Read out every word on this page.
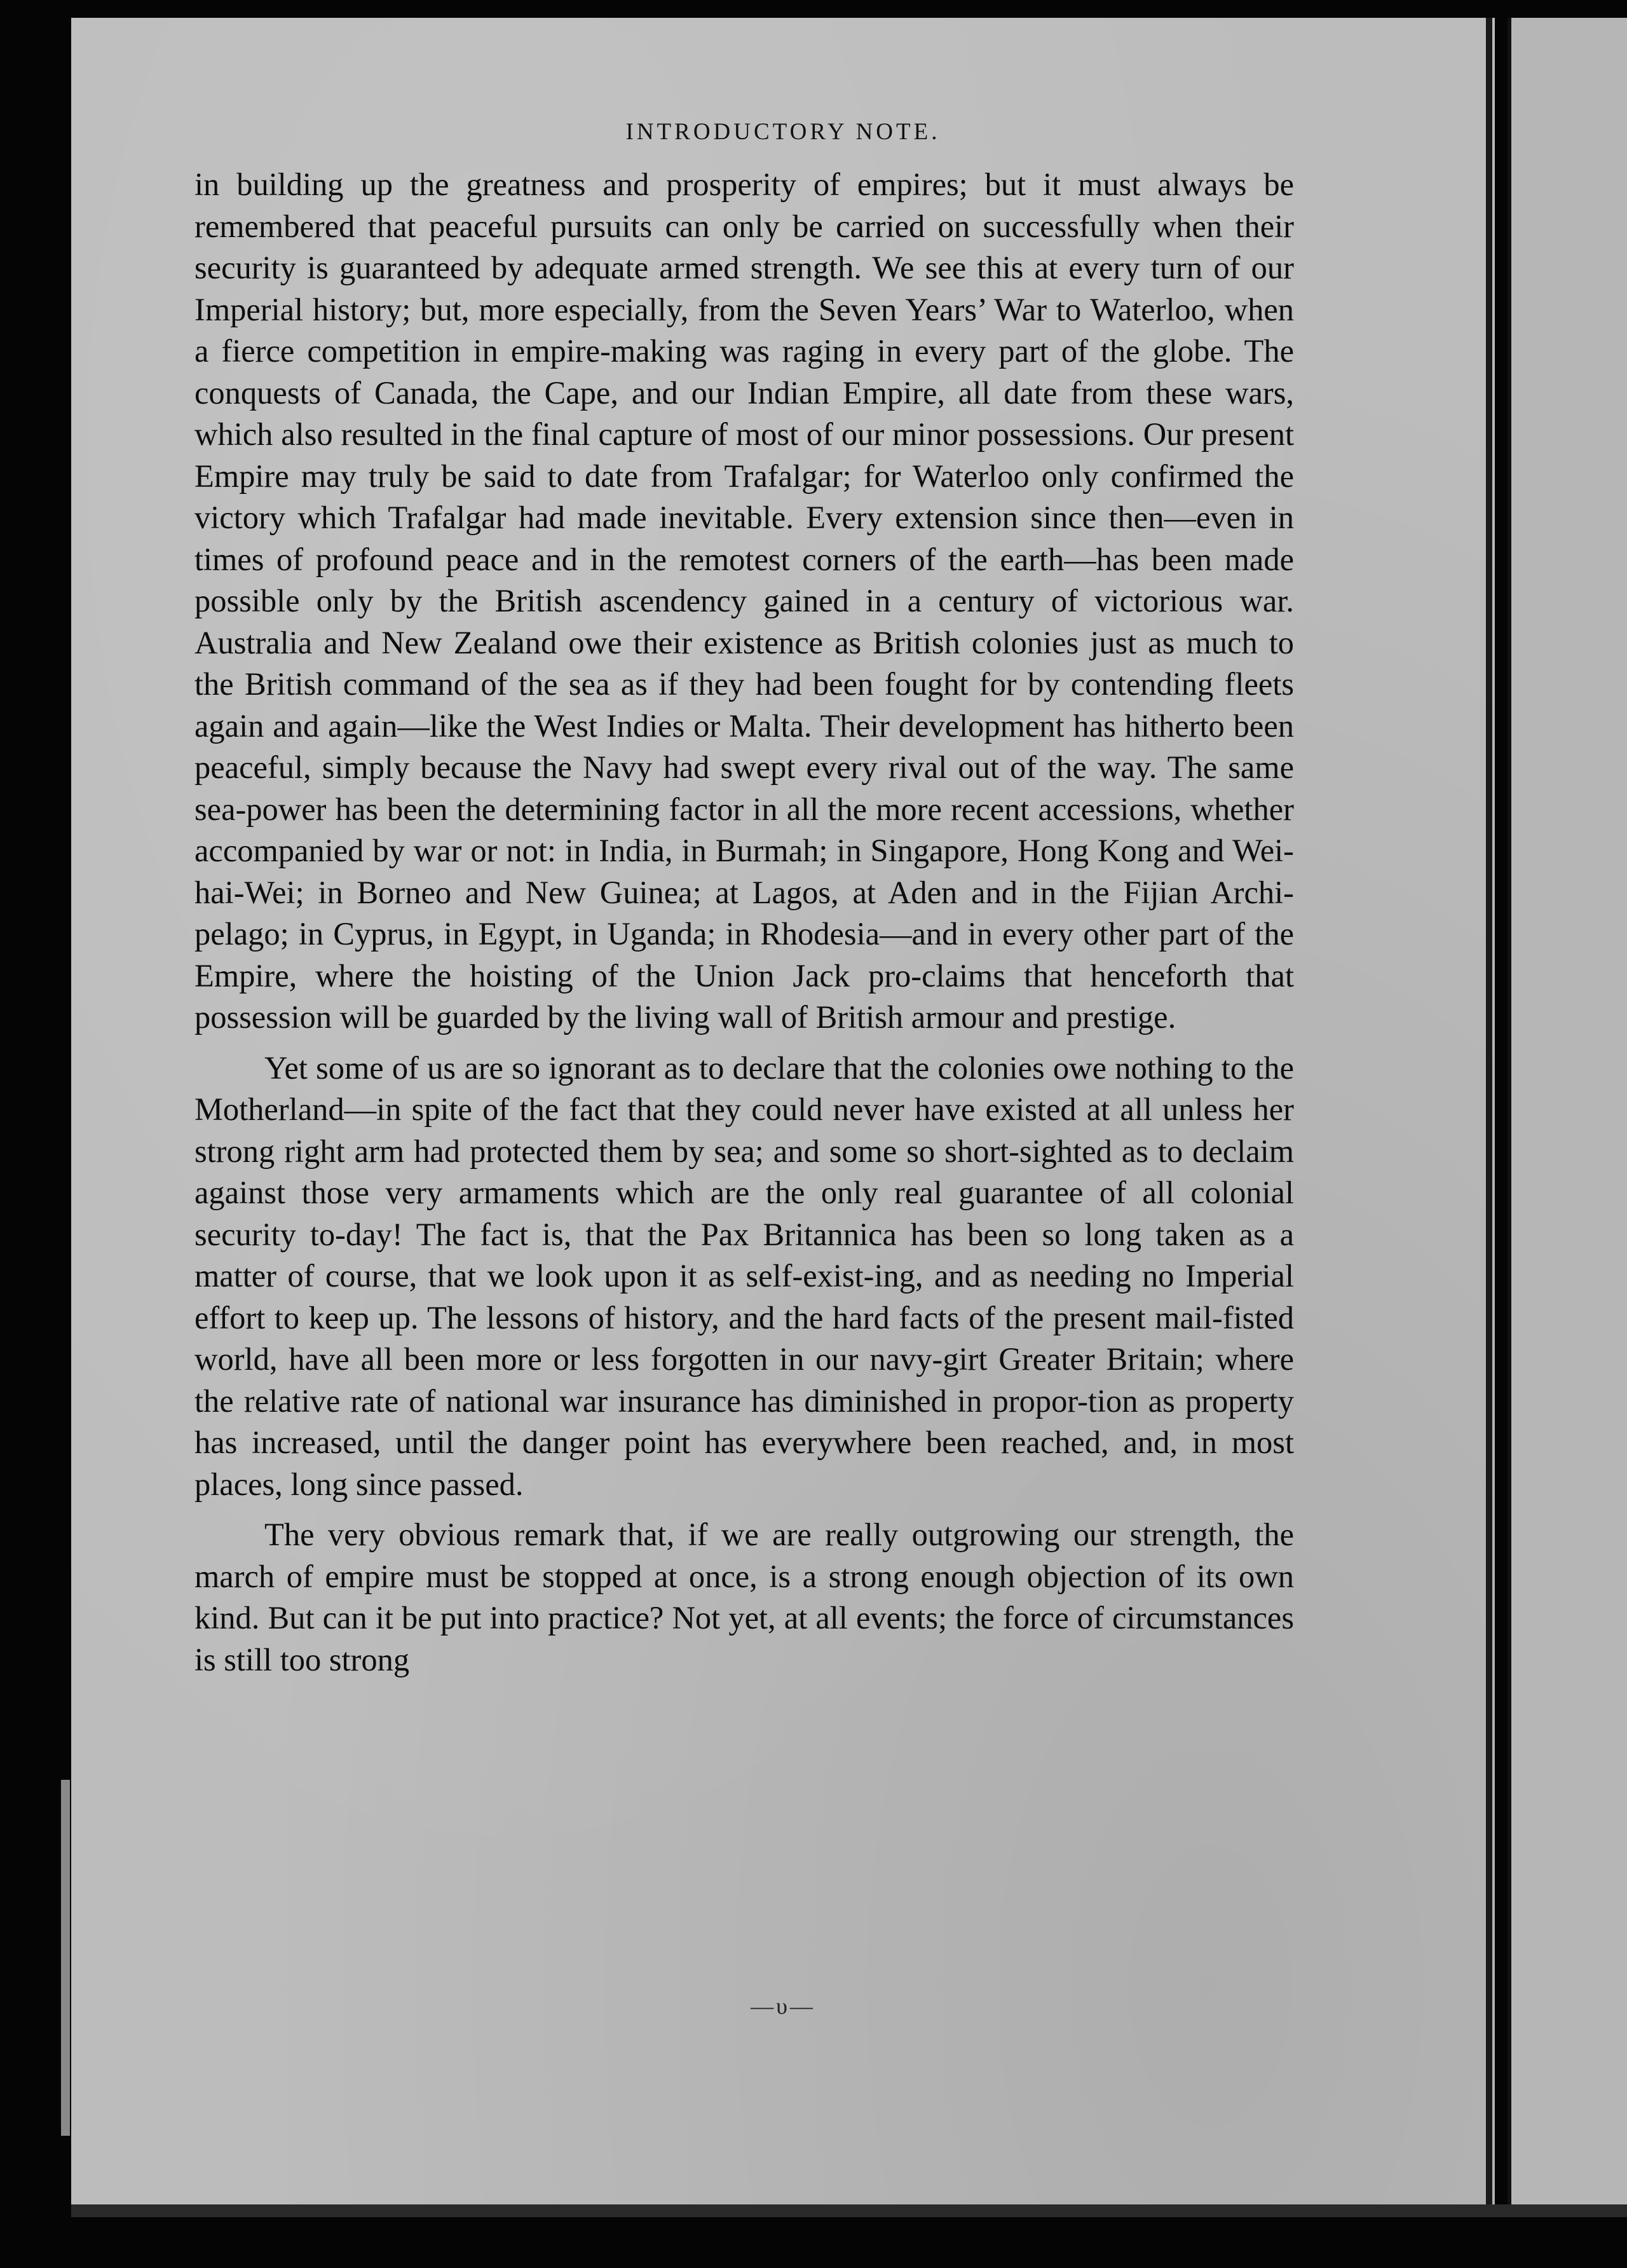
INTRODUCTORY NOTE.

in building up the greatness and prosperity of empires; but it must always be remembered that peaceful pursuits can only be carried on successfully when their security is guaranteed by adequate armed strength. We see this at every turn of our Imperial history; but, more especially, from the Seven Years’ War to Waterloo, when a fierce competition in empire-making was raging in every part of the globe. The conquests of Canada, the Cape, and our Indian Empire, all date from these wars, which also resulted in the final capture of most of our minor possessions. Our present Empire may truly be said to date from Trafalgar; for Waterloo only confirmed the victory which Trafalgar had made inevitable. Every extension since then—even in times of profound peace and in the remotest corners of the earth—has been made possible only by the British ascendency gained in a century of victorious war. Australia and New Zealand owe their existence as British colonies just as much to the British command of the sea as if they had been fought for by contending fleets again and again—like the West Indies or Malta. Their development has hitherto been peaceful, simply because the Navy had swept every rival out of the way. The same sea-power has been the determining factor in all the more recent accessions, whether accompanied by war or not: in India, in Burmah; in Singapore, Hong Kong and Wei-hai-Wei; in Borneo and New Guinea; at Lagos, at Aden and in the Fijian Archi-pelago; in Cyprus, in Egypt, in Uganda; in Rhodesia—and in every other part of the Empire, where the hoisting of the Union Jack pro-claims that henceforth that possession will be guarded by the living wall of British armour and prestige.

Yet some of us are so ignorant as to declare that the colonies owe nothing to the Motherland—in spite of the fact that they could never have existed at all unless her strong right arm had protected them by sea; and some so short-sighted as to declaim against those very armaments which are the only real guarantee of all colonial security to-day! The fact is, that the Pax Britannica has been so long taken as a matter of course, that we look upon it as self-exist-ing, and as needing no Imperial effort to keep up. The lessons of history, and the hard facts of the present mail-fisted world, have all been more or less forgotten in our navy-girt Greater Britain; where the relative rate of national war insurance has diminished in propor-tion as property has increased, until the danger point has everywhere been reached, and, in most places, long since passed.

The very obvious remark that, if we are really outgrowing our strength, the march of empire must be stopped at once, is a strong enough objection of its own kind. But can it be put into practice? Not yet, at all events; the force of circumstances is still too strong

—υ—
